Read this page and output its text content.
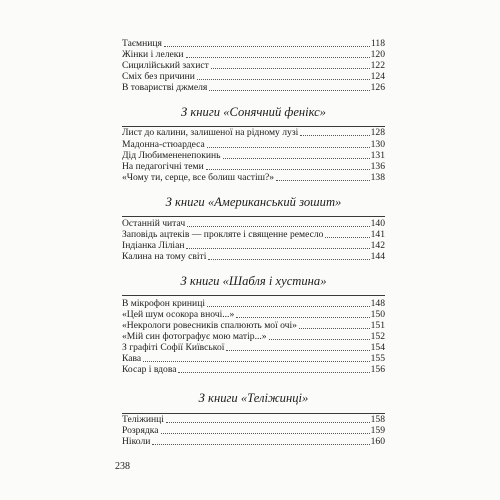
Таємниця	118
Жінки і лелеки	120
Сицилійський захист	122
Сміх без причини	124
В товаристві джмеля	126
З книги «Сонячний фенікс»
Лист до калини, залишеної на рідному лузі	128
Мадонна-стюардеса	130
Дід Любимененепокинь	131
На педагогічні теми	136
«Чому ти, серце, все болиш частіш?»	138
З книги «Американський зошит»
Останній читач	140
Заповідь ацтеків — прокляте і священне ремесло	141
Індіанка Ліліан	142
Калина на тому світі	144
З книги «Шабля і хустина»
В мікрофон криниці	148
«Цей шум осокора вночі...»	150
«Некрологи ровесників спалюють мої очі»	151
«Мій син фотографує мою матір...»	152
З графіті Софії Київської	154
Кава	155
Косар і вдова	156
З книги «Теліжинці»
Теліжинці	158
Розрядка	159
Ніколи	160
238
